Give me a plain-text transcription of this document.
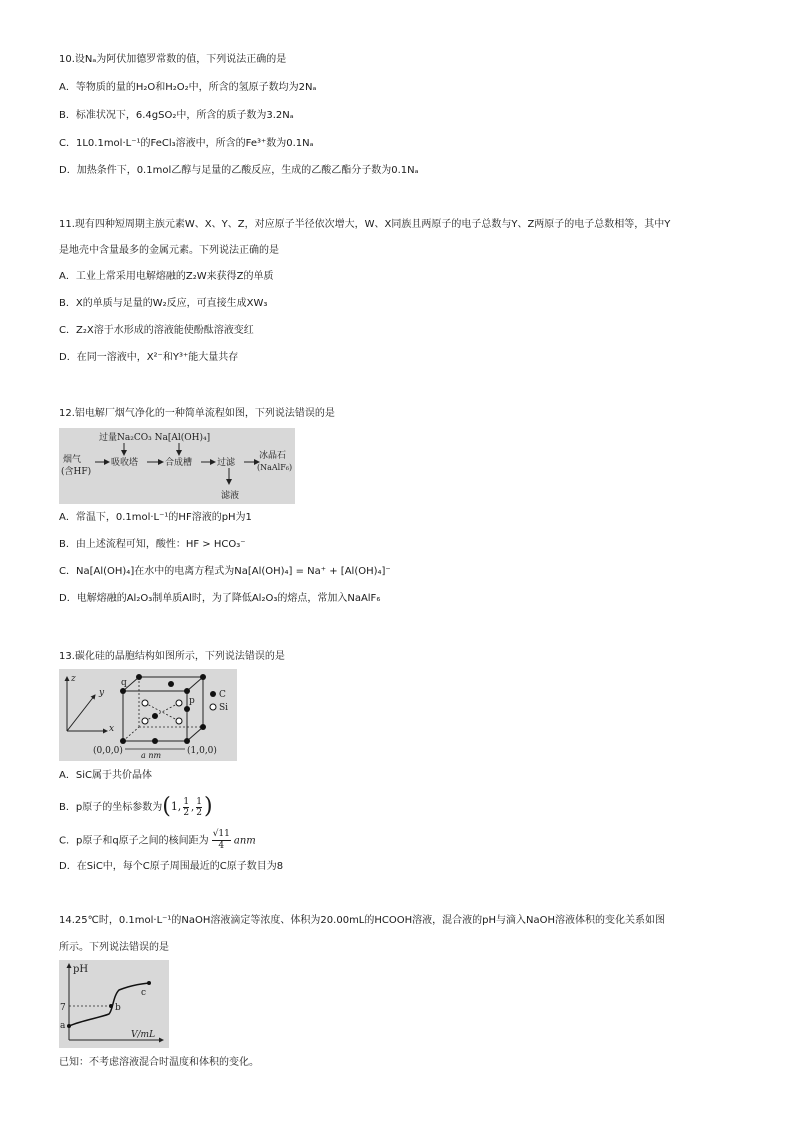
10.设Nₐ为阿伏加德罗常数的值，下列说法正确的是
A．等物质的量的H₂O和H₂O₂中，所含的氢原子数均为2Nₐ
B．标准状况下，6.4gSO₂中，所含的质子数为3.2Nₐ
C．1L0.1mol·L⁻¹的FeCl₃溶液中，所含的Fe³⁺数为0.1Nₐ
D．加热条件下，0.1mol乙醇与足量的乙酸反应，生成的乙酸乙酯分子数为0.1Nₐ
11.现有四种短周期主族元素W、X、Y、Z，对应原子半径依次增大，W、X同族且两原子的电子总数与Y、Z两原子的电子总数相等，其中Y
是地壳中含量最多的金属元素。下列说法正确的是
A．工业上常采用电解熔融的Z₂W来获得Z的单质
B．X的单质与足量的W₂反应，可直接生成XW₃
C．Z₂X溶于水形成的溶液能使酚酞溶液变红
D．在同一溶液中，X²⁻和Y³⁺能大量共存
12.铝电解厂烟气净化的一种简单流程如图，下列说法错误的是
过量Na₂CO₃ Na[Al(OH)₄]
烟气
(含HF)
吸收塔	合成槽	过滤
冰晶石
(NaAlF₆)
滤液
A．常温下，0.1mol·L⁻¹的HF溶液的pH为1
B．由上述流程可知，酸性：HF > HCO₃⁻
C．Na[Al(OH)₄]在水中的电离方程式为Na[Al(OH)₄] = Na⁺ + [Al(OH)₄]⁻
D．电解熔融的Al₂O₃制单质Al时，为了降低Al₂O₃的熔点，常加入NaAlF₆
13.碳化硅的晶胞结构如图所示，下列说法错误的是
z
y
x
q
p
C
Si
(0,0,0) a nm	(1,0,0)
A．SiC属于共价晶体
B．p原子的坐标参数为(1, $\frac{1}{2}$ , $\frac{1}{2}$ )
C．p原子和q原子之间的核间距为 $\frac{√11}{4}$ anm
D．在SiC中，每个C原子周围最近的C原子数目为8
14.25℃时，0.1mol·L⁻¹的NaOH溶液滴定等浓度、体积为20.00mL的HCOOH溶液，混合液的pH与滴入NaOH溶液体积的变化关系如图
所示。下列说法错误的是
pH
7
a
b
c
V/mL
已知：不考虑溶液混合时温度和体积的变化。
